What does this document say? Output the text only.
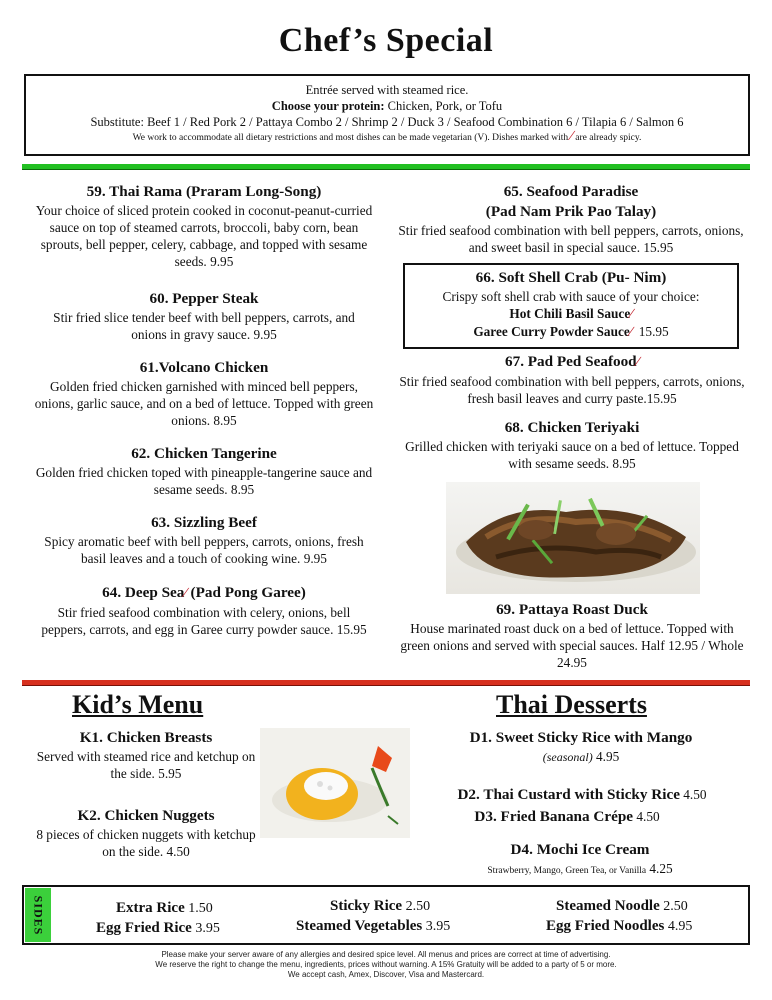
Chef’s Special
Entrée served with steamed rice.
Choose your protein: Chicken, Pork, or Tofu
Substitute: Beef 1 / Red Pork 2 / Pattaya Combo 2 / Shrimp 2 / Duck 3 / Seafood Combination 6 / Tilapia 6 / Salmon 6
We work to accommodate all dietary restrictions and most dishes can be made vegetarian (V). Dishes marked with ∕ are already spicy.
59. Thai Rama (Praram Long-Song)
Your choice of sliced protein cooked in coconut-peanut-curried sauce on top of steamed carrots, broccoli, baby corn, bean sprouts, bell pepper, celery, cabbage, and topped with sesame seeds. 9.95
60. Pepper Steak
Stir fried slice tender beef with bell peppers, carrots, and onions in gravy sauce. 9.95
61.Volcano Chicken
Golden fried chicken garnished with minced bell peppers, onions, garlic sauce, and on a bed of lettuce. Topped with green onions. 8.95
62. Chicken Tangerine
Golden fried chicken toped with pineapple-tangerine sauce and sesame seeds. 8.95
63. Sizzling Beef
Spicy aromatic beef with bell peppers, carrots, onions, fresh basil leaves and a touch of cooking wine. 9.95
64. Deep Sea∕ (Pad Pong Garee)
Stir fried seafood combination with celery, onions, bell peppers, carrots, and egg in Garee curry powder sauce. 15.95
65. Seafood Paradise
(Pad Nam Prik Pao Talay)
Stir fried seafood combination with bell peppers, carrots, onions, and sweet basil in special sauce. 15.95
66. Soft Shell Crab (Pu- Nim)
Crispy soft shell crab with sauce of your choice:
Hot Chili Basil Sauce∕
Garee Curry Powder Sauce∕ 15.95
67. Pad Ped Seafood∕
Stir fried seafood combination with bell peppers, carrots, onions, fresh basil leaves and curry paste.15.95
68. Chicken Teriyaki
Grilled chicken with teriyaki sauce on a bed of lettuce. Topped with sesame seeds. 8.95
69. Pattaya Roast Duck
House marinated roast duck on a bed of lettuce. Topped with green onions and served with special sauces. Half 12.95 / Whole 24.95
Kid’s Menu
K1. Chicken Breasts
Served with steamed rice and ketchup on the side. 5.95
K2. Chicken Nuggets
8 pieces of chicken nuggets with ketchup on the side. 4.50
Thai Desserts
D1. Sweet Sticky Rice with Mango
(seasonal) 4.95
D2. Thai Custard with Sticky Rice 4.50
D3. Fried Banana Crépe 4.50
D4. Mochi Ice Cream
Strawberry, Mango, Green Tea, or Vanilla 4.25
SIDES	Extra Rice 1.50
Egg Fried Rice 3.95
Sticky Rice 2.50
Steamed Vegetables 3.95
Steamed Noodle 2.50
Egg Fried Noodles 4.95
Please make your server aware of any allergies and desired spice level. All menus and prices are correct at time of advertising.
We reserve the right to change the menu, ingredients, prices without warning. A 15% Gratuity will be added to a party of 5 or more.
We accept cash, Amex, Discover, Visa and Mastercard.
